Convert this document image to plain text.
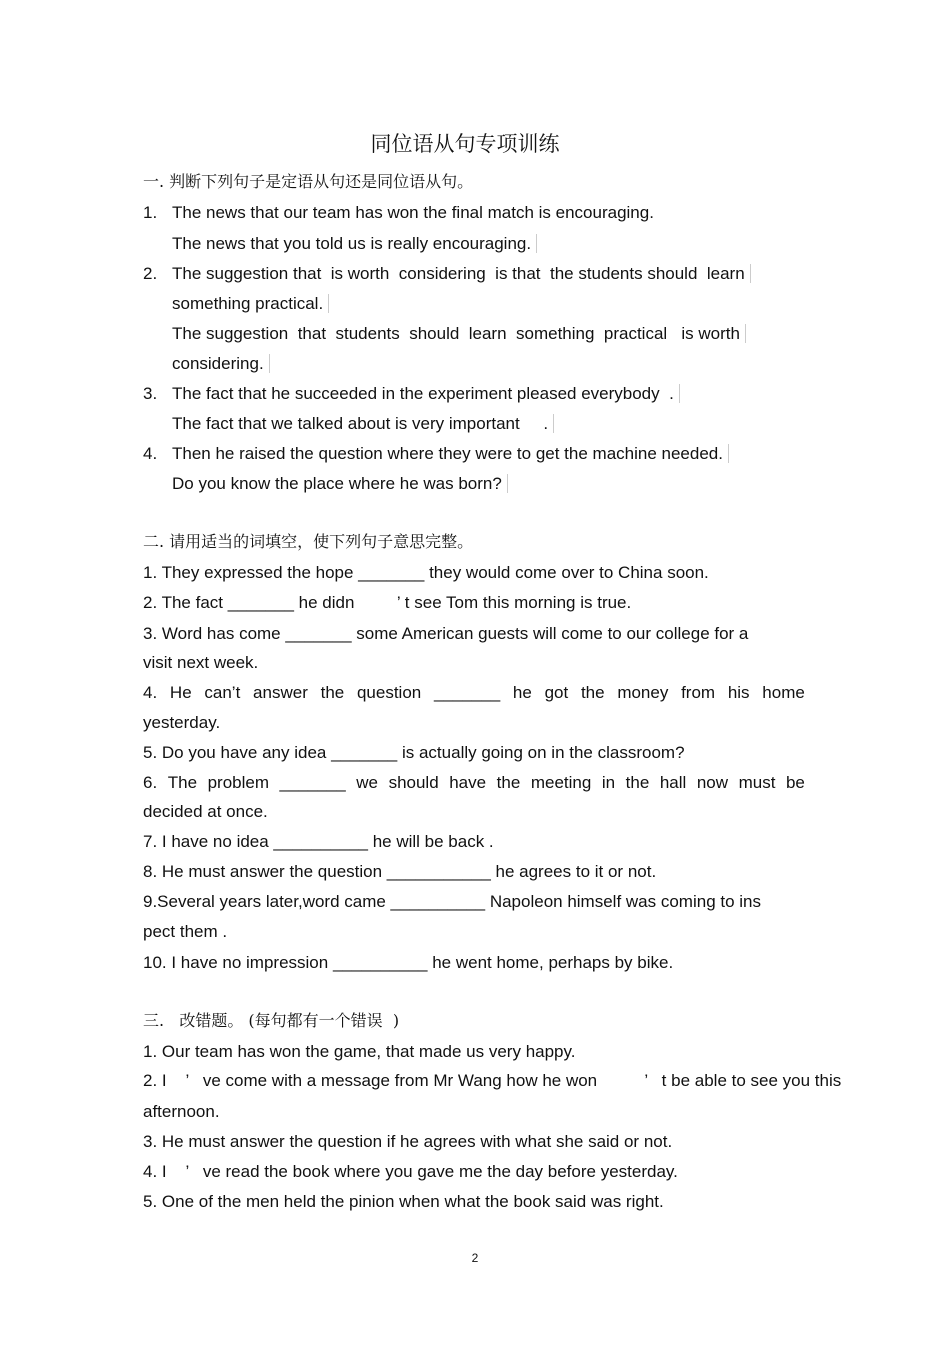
同位语从句专项训练
一. 判断下列句子是定语从句还是同位语从句。
1. The news that our team has won the final match is encouraging.
The news that you told us is really encouraging.
2. The suggestion that  is worth  considering  is that  the students should  learn
something practical.
The suggestion  that  students  should  learn  something  practical   is worth
considering.
3. The fact that he succeeded in the experiment pleased everybody  .
The fact that we talked about is very important     .
4. Then he raised the question where they were to get the machine needed.
Do you know the place where he was born?
二. 请用适当的词填空，使下列句子意思完整。
1. They expressed the hope _______ they would come over to China soon.
2. The fact _______ he didn         ’ t see Tom this morning is true.
3. Word has come _______ some American guests will come to our college for a
visit next week.
4. He can’t answer the question _______ he got the money from his home
yesterday.
5. Do you have any idea _______ is actually going on in the classroom?
6. The problem _______ we should have the meeting in the hall now must be
decided at once.
7. I have no idea __________ he will be back .
8. He must answer the question ___________ he agrees to it or not.
9.Several years later,word came __________ Napoleon himself was coming to ins
pect them .
10. I have no impression __________ he went home, perhaps by bike.
三.   改错题。 (每句都有一个错误  )
1. Our team has won the game, that made us very happy.
2. I    ’   ve come with a message from Mr Wang how he won          ’   t be able to see you this
afternoon.
3. He must answer the question if he agrees with what she said or not.
4. I    ’   ve read the book where you gave me the day before yesterday.
5. One of the men held the pinion when what the book said was right.
2
